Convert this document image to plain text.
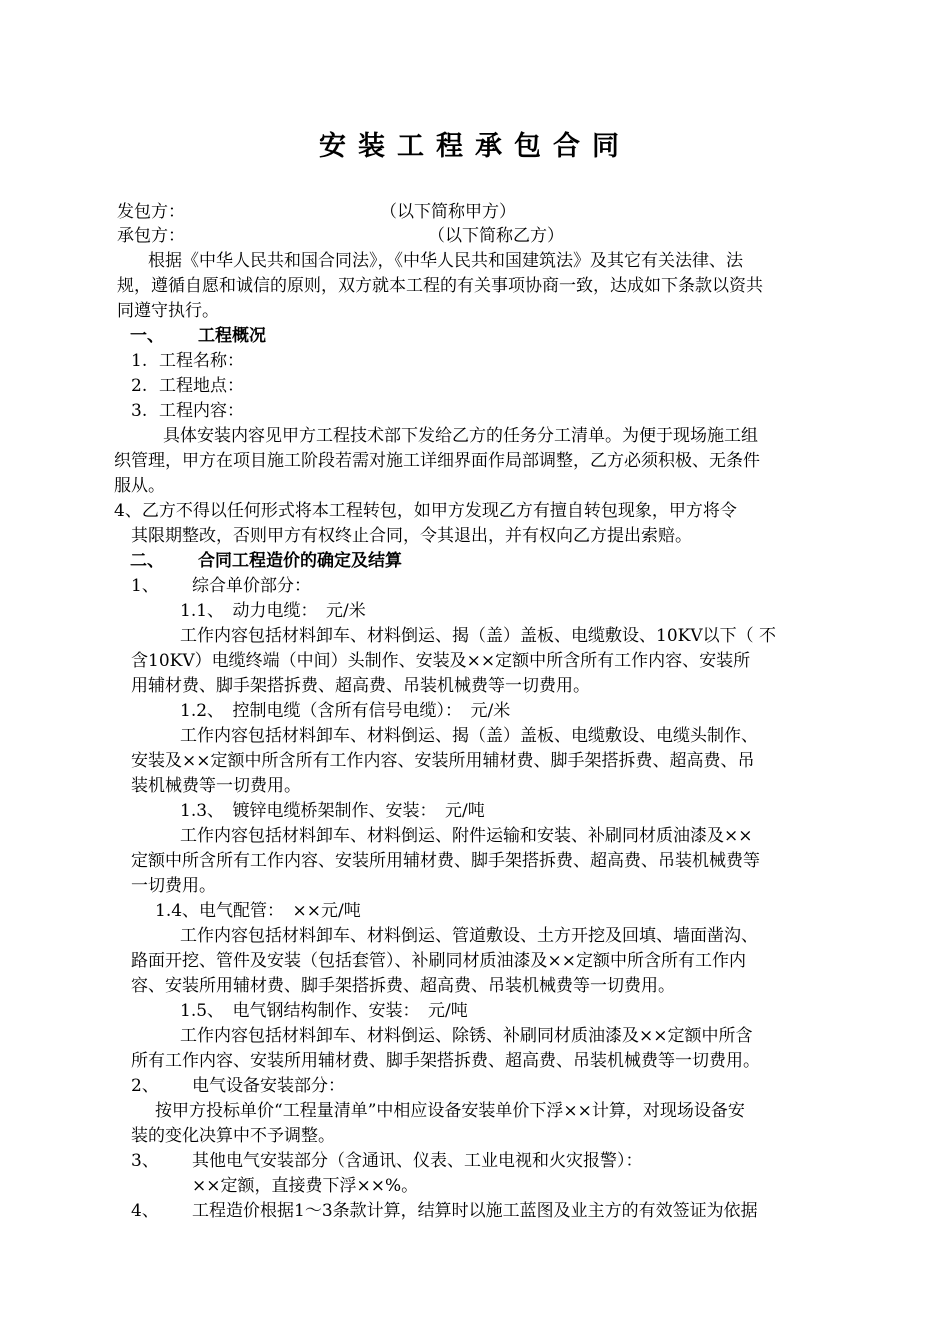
安装工程承包合同
发包方：	（以下简称甲方）
承包方：	（以下简称乙方）
根据《中华人民共和国合同法》，《中华人民共和国建筑法》及其它有关法律、法
规，遵循自愿和诚信的原则，双方就本工程的有关事项协商一致，达成如下条款以资共
同遵守执行。
一、 工程概况
1. 工程名称：
2. 工程地点：
3. 工程内容：
具体安装内容见甲方工程技术部下发给乙方的任务分工清单。为便于现场施工组
织管理，甲方在项目施工阶段若需对施工详细界面作局部调整，乙方必须积极、无条件
服从。
4、乙方不得以任何形式将本工程转包，如甲方发现乙方有擅自转包现象，甲方将令
其限期整改，否则甲方有权终止合同，令其退出，并有权向乙方提出索赔。
二、 合同工程造价的确定及结算
1、 综合单价部分：
1.1、　动力电缆：　元/米
工作内容包括材料卸车、材料倒运、揭（盖）盖板、电缆敷设、10KV以下（ 不
含10KV）电缆终端（中间）头制作、安装及××定额中所含所有工作内容、安装所
用辅材费、脚手架搭拆费、超高费、吊装机械费等一切费用。
1.2、　控制电缆（含所有信号电缆）：　元/米
工作内容包括材料卸车、材料倒运、揭（盖）盖板、电缆敷设、电缆头制作、
安装及××定额中所含所有工作内容、安装所用辅材费、脚手架搭拆费、超高费、吊
装机械费等一切费用。
1.3、　镀锌电缆桥架制作、安装：　元/吨
工作内容包括材料卸车、材料倒运、附件运输和安装、补刷同材质油漆及××
定额中所含所有工作内容、安装所用辅材费、脚手架搭拆费、超高费、吊装机械费等
一切费用。
1.4、电气配管：　××元/吨
工作内容包括材料卸车、材料倒运、管道敷设、土方开挖及回填、墙面凿沟、
路面开挖、管件及安装（包括套管）、补刷同材质油漆及××定额中所含所有工作内
容、安装所用辅材费、脚手架搭拆费、超高费、吊装机械费等一切费用。
1.5、　电气钢结构制作、安装：　元/吨
工作内容包括材料卸车、材料倒运、除锈、补刷同材质油漆及××定额中所含
所有工作内容、安装所用辅材费、脚手架搭拆费、超高费、吊装机械费等一切费用。
2、 电气设备安装部分：
按甲方投标单价“工程量清单”中相应设备安装单价下浮××计算，对现场设备安
装的变化决算中不予调整。
3、 其他电气安装部分（含通讯、仪表、工业电视和火灾报警）：
××定额，直接费下浮××%。
4、 工程造价根据1～3条款计算，结算时以施工蓝图及业主方的有效签证为依据
